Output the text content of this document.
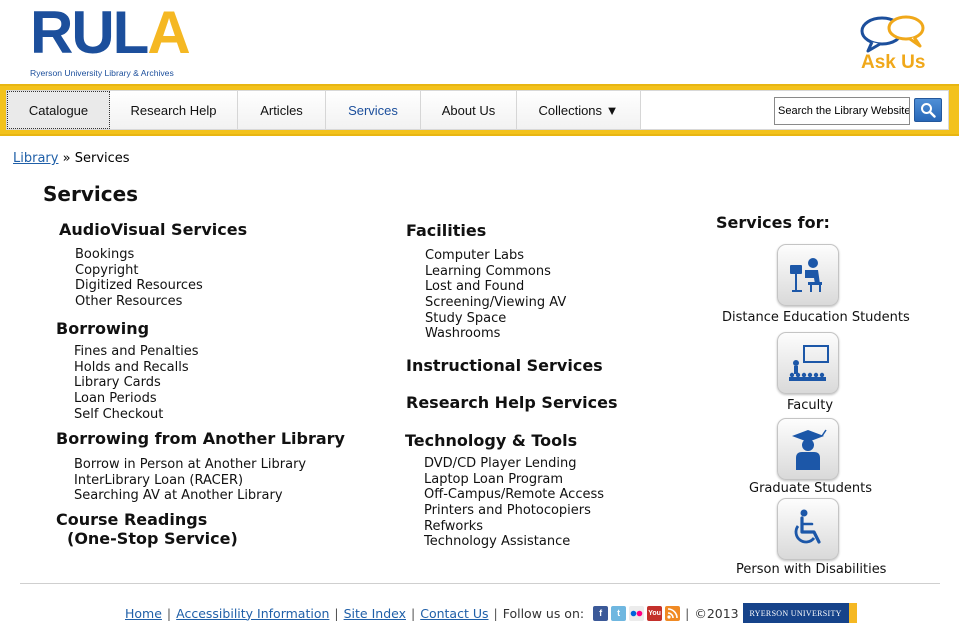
RULA
Ryerson University Library & Archives	Ask Us
Catalogue	Research Help	Articles	Services	About Us	Collections ▼
Search the Library Website
Library » Services
Services
AudioVisual Services
Bookings
Copyright
Digitized Resources
Other Resources
Borrowing
Fines and Penalties
Holds and Recalls
Library Cards
Loan Periods
Self Checkout
Borrowing from Another Library
Borrow in Person at Another Library
InterLibrary Loan (RACER)
Searching AV at Another Library
Course Readings
(One-Stop Service)
Facilities
Computer Labs
Learning Commons
Lost and Found
Screening/Viewing AV
Study Space
Washrooms
Instructional Services
Research Help Services
Technology & Tools
DVD/CD Player Lending
Laptop Loan Program
Off-Campus/Remote Access
Printers and Photocopiers
Refworks
Technology Assistance
Services for:
Distance Education Students
Faculty
Graduate Students
Person with Disabilities
Home | Accessibility Information | Site Index | Contact Us | Follow us on:	f	t	You | ©2013	RYERSON UNIVERSITY
